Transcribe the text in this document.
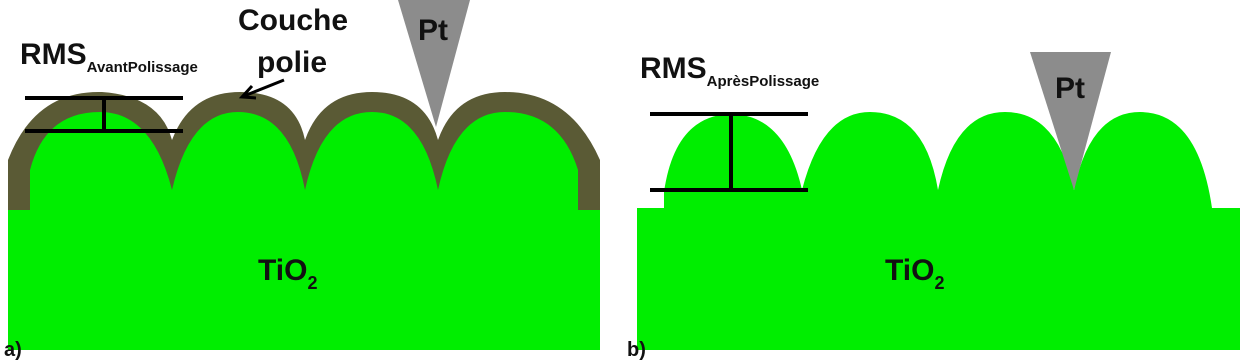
Pt
Couche
polie
$RMS_{AvantPolissage}$
TiO$_2$
a)
Pt
$RMS_{AprèsPolissage}$
TiO$_2$
b)
